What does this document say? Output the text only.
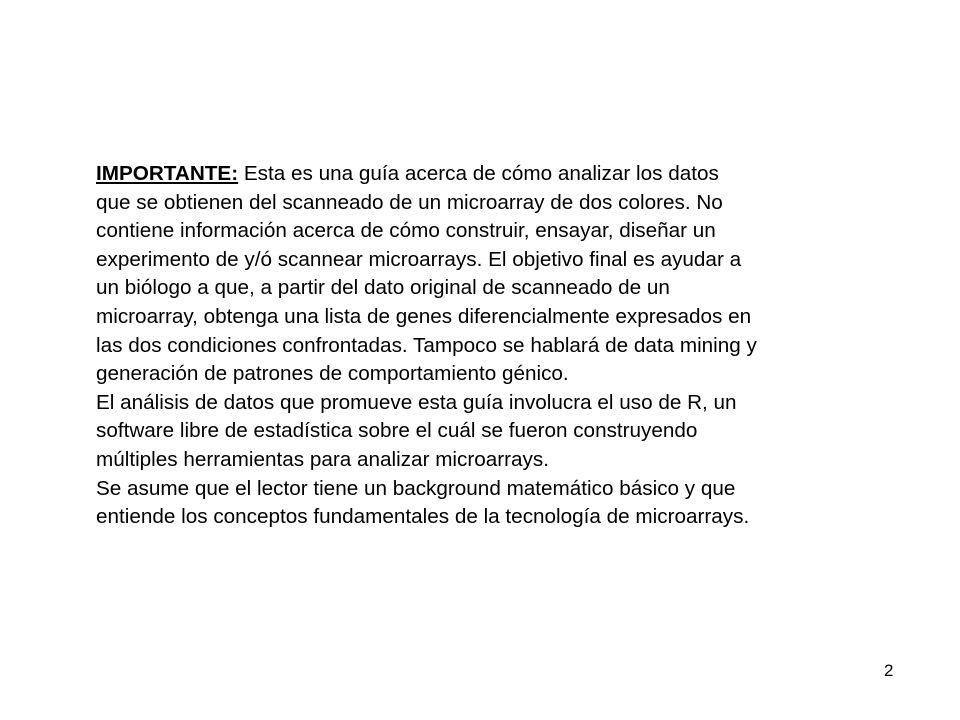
IMPORTANTE: Esta es una guía acerca de cómo analizar los datos
que se obtienen del scanneado de un microarray de dos colores. No
contiene información acerca de cómo construir, ensayar, diseñar un
experimento de y/ó scannear microarrays. El objetivo final es ayudar a
un biólogo a que, a partir del dato original de scanneado de un
microarray, obtenga una lista de genes diferencialmente expresados en
las dos condiciones confrontadas. Tampoco se hablará de data mining y
generación de patrones de comportamiento génico.

El análisis de datos que promueve esta guía involucra el uso de R, un
software libre de estadística sobre el cuál se fueron construyendo
múltiples herramientas para analizar microarrays.

Se asume que el lector tiene un background matemático básico y que
entiende los conceptos fundamentales de la tecnología de microarrays.

2
